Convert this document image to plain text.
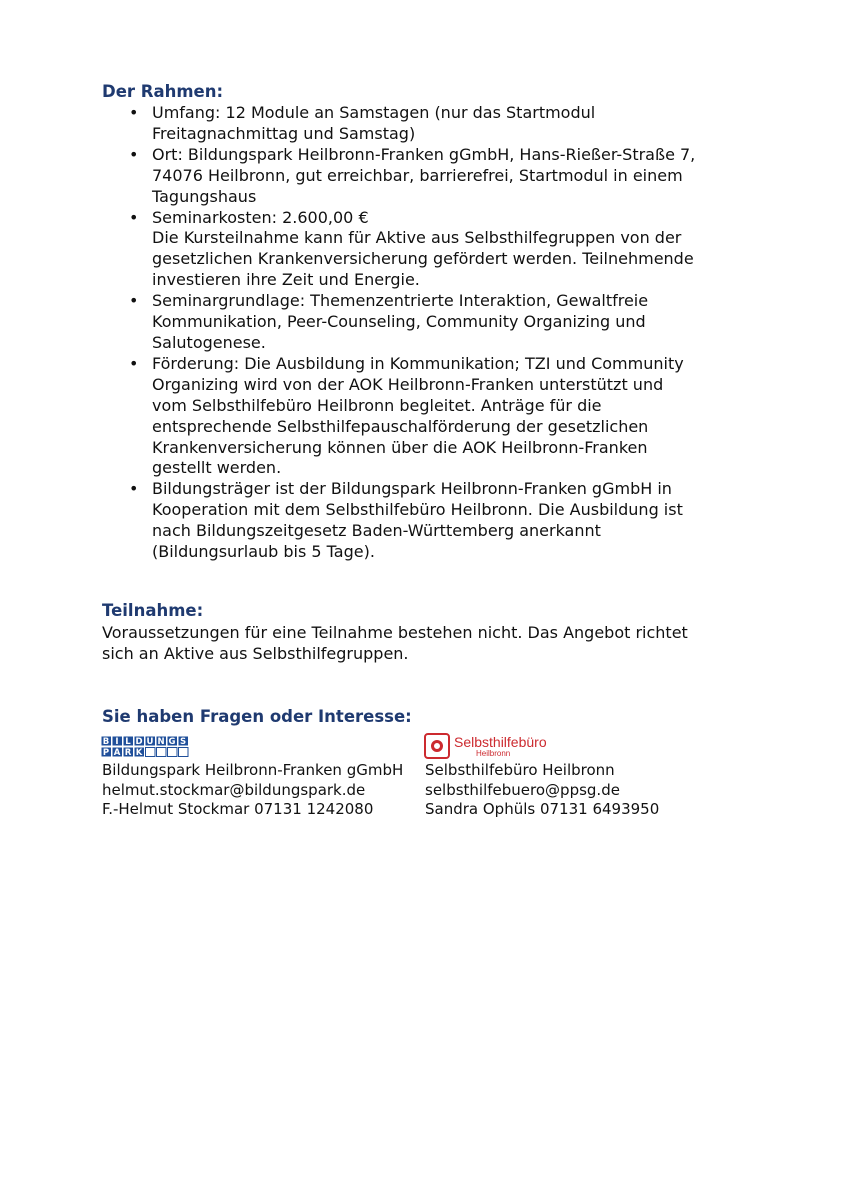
Der Rahmen:
• Umfang: 12 Module an Samstagen (nur das Startmodul
Freitagnachmittag und Samstag)
• Ort: Bildungspark Heilbronn-Franken gGmbH, Hans-Rießer-Straße 7,
74076 Heilbronn, gut erreichbar, barrierefrei, Startmodul in einem
Tagungshaus
• Seminarkosten: 2.600,00 €
Die Kursteilnahme kann für Aktive aus Selbsthilfegruppen von der
gesetzlichen Krankenversicherung gefördert werden. Teilnehmende
investieren ihre Zeit und Energie.
• Seminargrundlage: Themenzentrierte Interaktion, Gewaltfreie
Kommunikation, Peer-Counseling, Community Organizing und
Salutogenese.
• Förderung: Die Ausbildung in Kommunikation; TZI und Community
Organizing wird von der AOK Heilbronn-Franken unterstützt und
vom Selbsthilfebüro Heilbronn begleitet. Anträge für die
entsprechende Selbsthilfepauschalförderung der gesetzlichen
Krankenversicherung können über die AOK Heilbronn-Franken
gestellt werden.
• Bildungsträger ist der Bildungspark Heilbronn-Franken gGmbH in
Kooperation mit dem Selbsthilfebüro Heilbronn. Die Ausbildung ist
nach Bildungszeitgesetz Baden-Württemberg anerkannt
(Bildungsurlaub bis 5 Tage).
Teilnahme:
Voraussetzungen für eine Teilnahme bestehen nicht. Das Angebot richtet
sich an Aktive aus Selbsthilfegruppen.
Sie haben Fragen oder Interesse:
B I L D U N G S
P A R K
Selbsthilfebüro
Heilbronn
Bildungspark Heilbronn-Franken gGmbH
helmut.stockmar@bildungspark.de
F.-Helmut Stockmar 07131 1242080
Selbsthilfebüro Heilbronn
selbsthilfebuero@ppsg.de
Sandra Ophüls 07131 6493950
